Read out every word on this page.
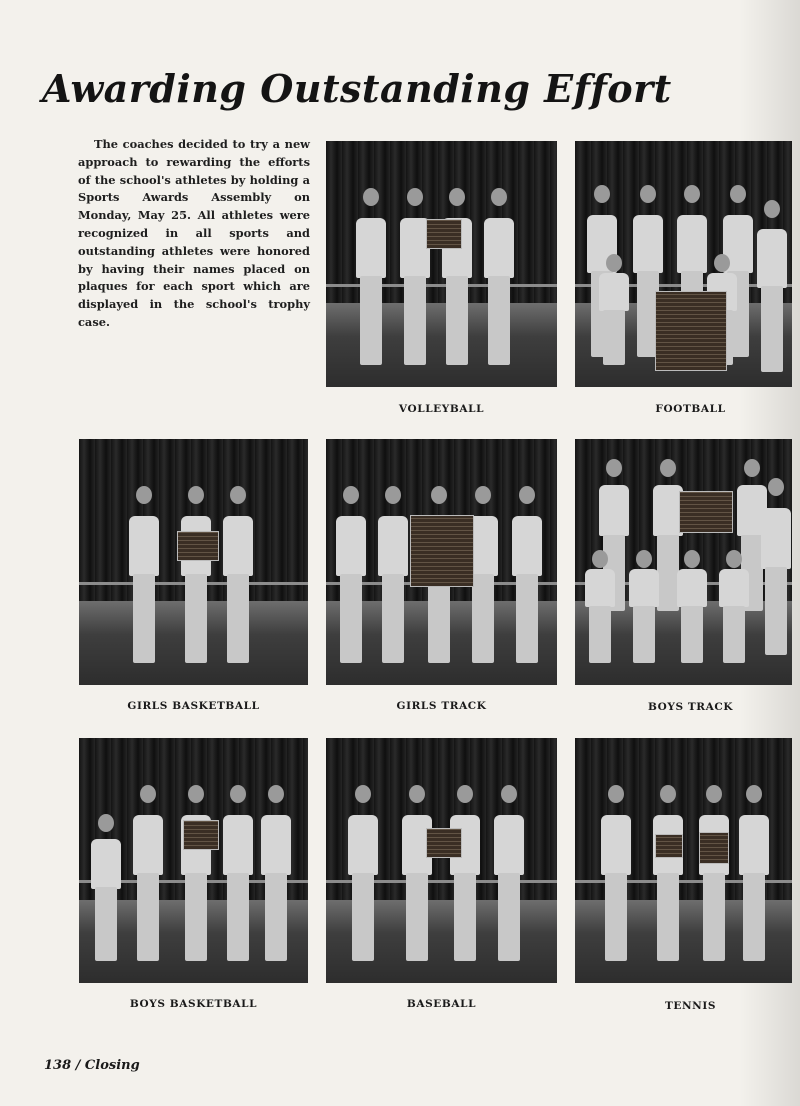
Awarding Outstanding Effort

The coaches decided to try a new approach to rewarding the efforts of the school's athletes by holding a Sports Awards Assembly on Monday, May 25. All athletes were recognized in all sports and outstanding athletes were honored by having their names placed on plaques for each sport which are displayed in the school's trophy case.

VOLLEYBALL	FOOTBALL

GIRLS BASKETBALL	GIRLS TRACK	BOYS TRACK

BOYS BASKETBALL	BASEBALL	TENNIS

138 / Closing
